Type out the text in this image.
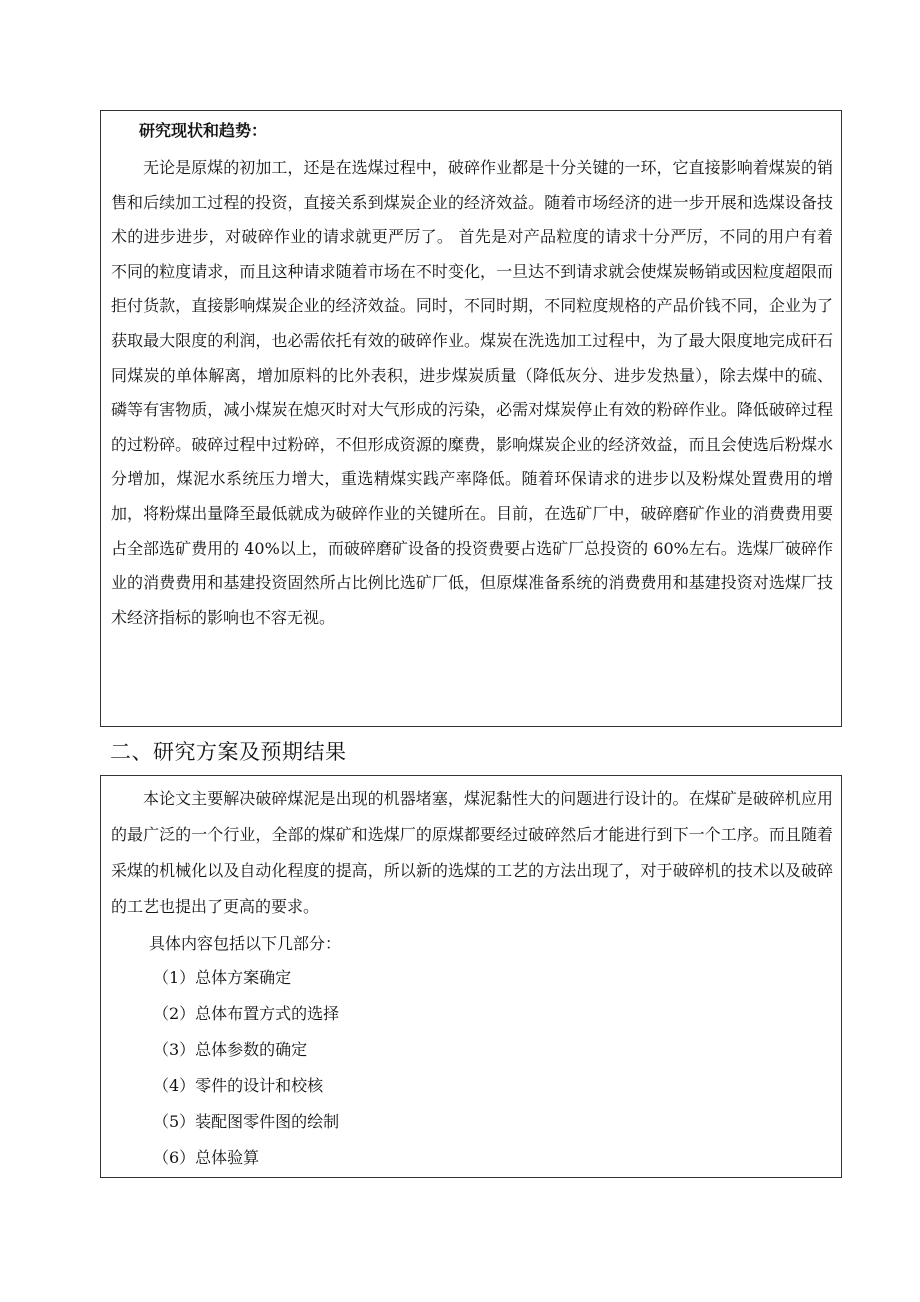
研究现状和趋势：

无论是原煤的初加工，还是在选煤过程中，破碎作业都是十分关键的一环，它直接影响着煤炭的销售和后续加工过程的投资，直接关系到煤炭企业的经济效益。随着市场经济的进一步开展和选煤设备技术的进步进步，对破碎作业的请求就更严厉了。 首先是对产品粒度的请求十分严厉，不同的用户有着不同的粒度请求，而且这种请求随着市场在不时变化，一旦达不到请求就会使煤炭畅销或因粒度超限而拒付货款，直接影响煤炭企业的经济效益。同时，不同时期，不同粒度规格的产品价钱不同，企业为了获取最大限度的利润，也必需依托有效的破碎作业。煤炭在洗选加工过程中，为了最大限度地完成矸石同煤炭的单体解离，增加原料的比外表积，进步煤炭质量（降低灰分、进步发热量），除去煤中的硫、磷等有害物质，减小煤炭在熄灭时对大气形成的污染，必需对煤炭停止有效的粉碎作业。降低破碎过程的过粉碎。破碎过程中过粉碎，不但形成资源的糜费，影响煤炭企业的经济效益，而且会使选后粉煤水分增加，煤泥水系统压力增大，重选精煤实践产率降低。随着环保请求的进步以及粉煤处置费用的增加，将粉煤出量降至最低就成为破碎作业的关键所在。目前，在选矿厂中，破碎磨矿作业的消费费用要占全部选矿费用的 40%以上，而破碎磨矿设备的投资费要占选矿厂总投资的 60%左右。选煤厂破碎作业的消费费用和基建投资固然所占比例比选矿厂低，但原煤准备系统的消费费用和基建投资对选煤厂技术经济指标的影响也不容无视。

二、研究方案及预期结果

本论文主要解决破碎煤泥是出现的机器堵塞，煤泥黏性大的问题进行设计的。在煤矿是破碎机应用的最广泛的一个行业，全部的煤矿和选煤厂的原煤都要经过破碎然后才能进行到下一个工序。而且随着采煤的机械化以及自动化程度的提高，所以新的选煤的工艺的方法出现了，对于破碎机的技术以及破碎的工艺也提出了更高的要求。

具体内容包括以下几部分：
（1）总体方案确定
（2）总体布置方式的选择
（3）总体参数的确定
（4）零件的设计和校核
（5）装配图零件图的绘制
（6）总体验算
